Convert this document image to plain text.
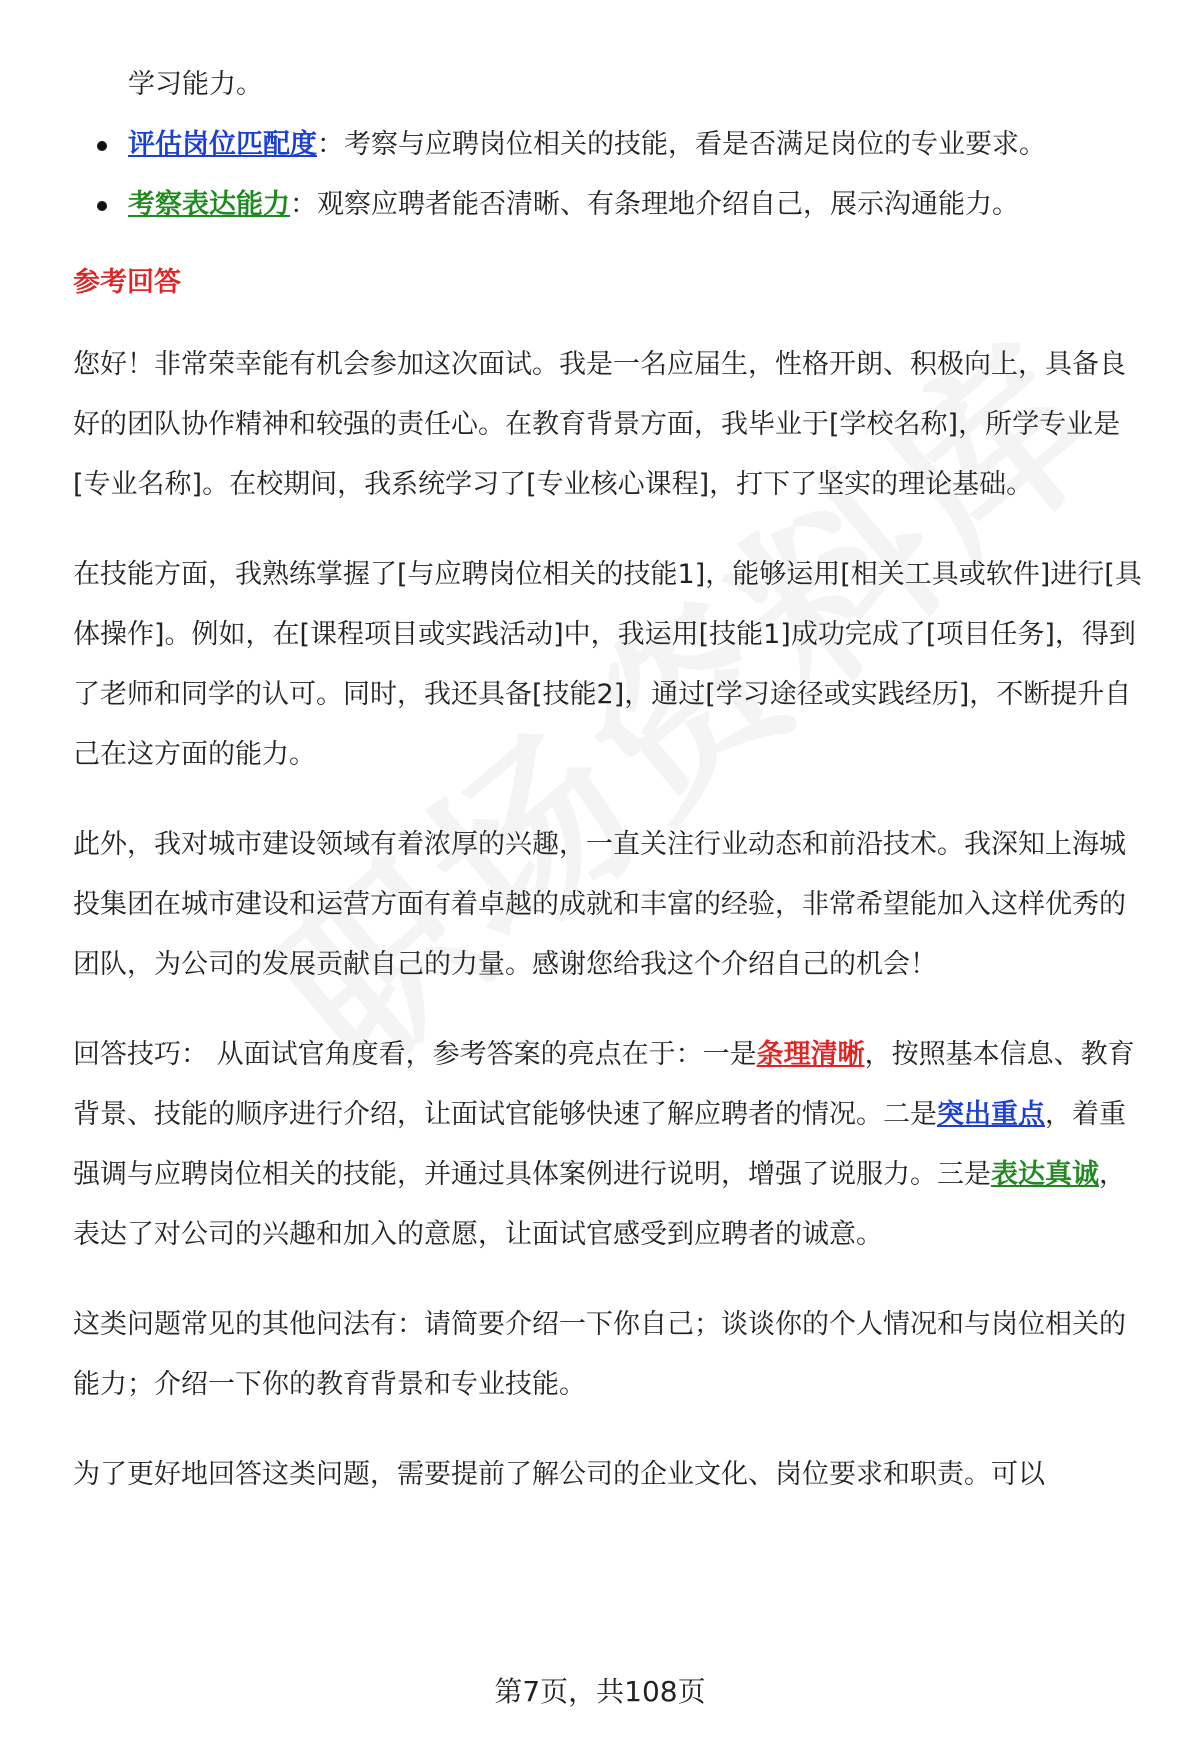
学习能力。
评估岗位匹配度：考察与应聘岗位相关的技能，看是否满足岗位的专业要求。
考察表达能力：观察应聘者能否清晰、有条理地介绍自己，展示沟通能力。
参考回答

您好！非常荣幸能有机会参加这次面试。我是一名应届生，性格开朗、积极向上，具备良好的团队协作精神和较强的责任心。在教育背景方面，我毕业于[学校名称]，所学专业是[专业名称]。在校期间，我系统学习了[专业核心课程]，打下了坚实的理论基础。

在技能方面，我熟练掌握了[与应聘岗位相关的技能1]，能够运用[相关工具或软件]进行[具体操作]。例如，在[课程项目或实践活动]中，我运用[技能1]成功完成了[项目任务]，得到了老师和同学的认可。同时，我还具备[技能2]，通过[学习途径或实践经历]，不断提升自己在这方面的能力。

此外，我对城市建设领域有着浓厚的兴趣，一直关注行业动态和前沿技术。我深知上海城投集团在城市建设和运营方面有着卓越的成就和丰富的经验，非常希望能加入这样优秀的团队，为公司的发展贡献自己的力量。感谢您给我这个介绍自己的机会！

回答技巧： 从面试官角度看，参考答案的亮点在于：一是条理清晰，按照基本信息、教育背景、技能的顺序进行介绍，让面试官能够快速了解应聘者的情况。二是突出重点，着重强调与应聘岗位相关的技能，并通过具体案例进行说明，增强了说服力。三是表达真诚，表达了对公司的兴趣和加入的意愿，让面试官感受到应聘者的诚意。

这类问题常见的其他问法有：请简要介绍一下你自己；谈谈你的个人情况和与岗位相关的能力；介绍一下你的教育背景和专业技能。

为了更好地回答这类问题，需要提前了解公司的企业文化、岗位要求和职责。可以

第7页，共108页
